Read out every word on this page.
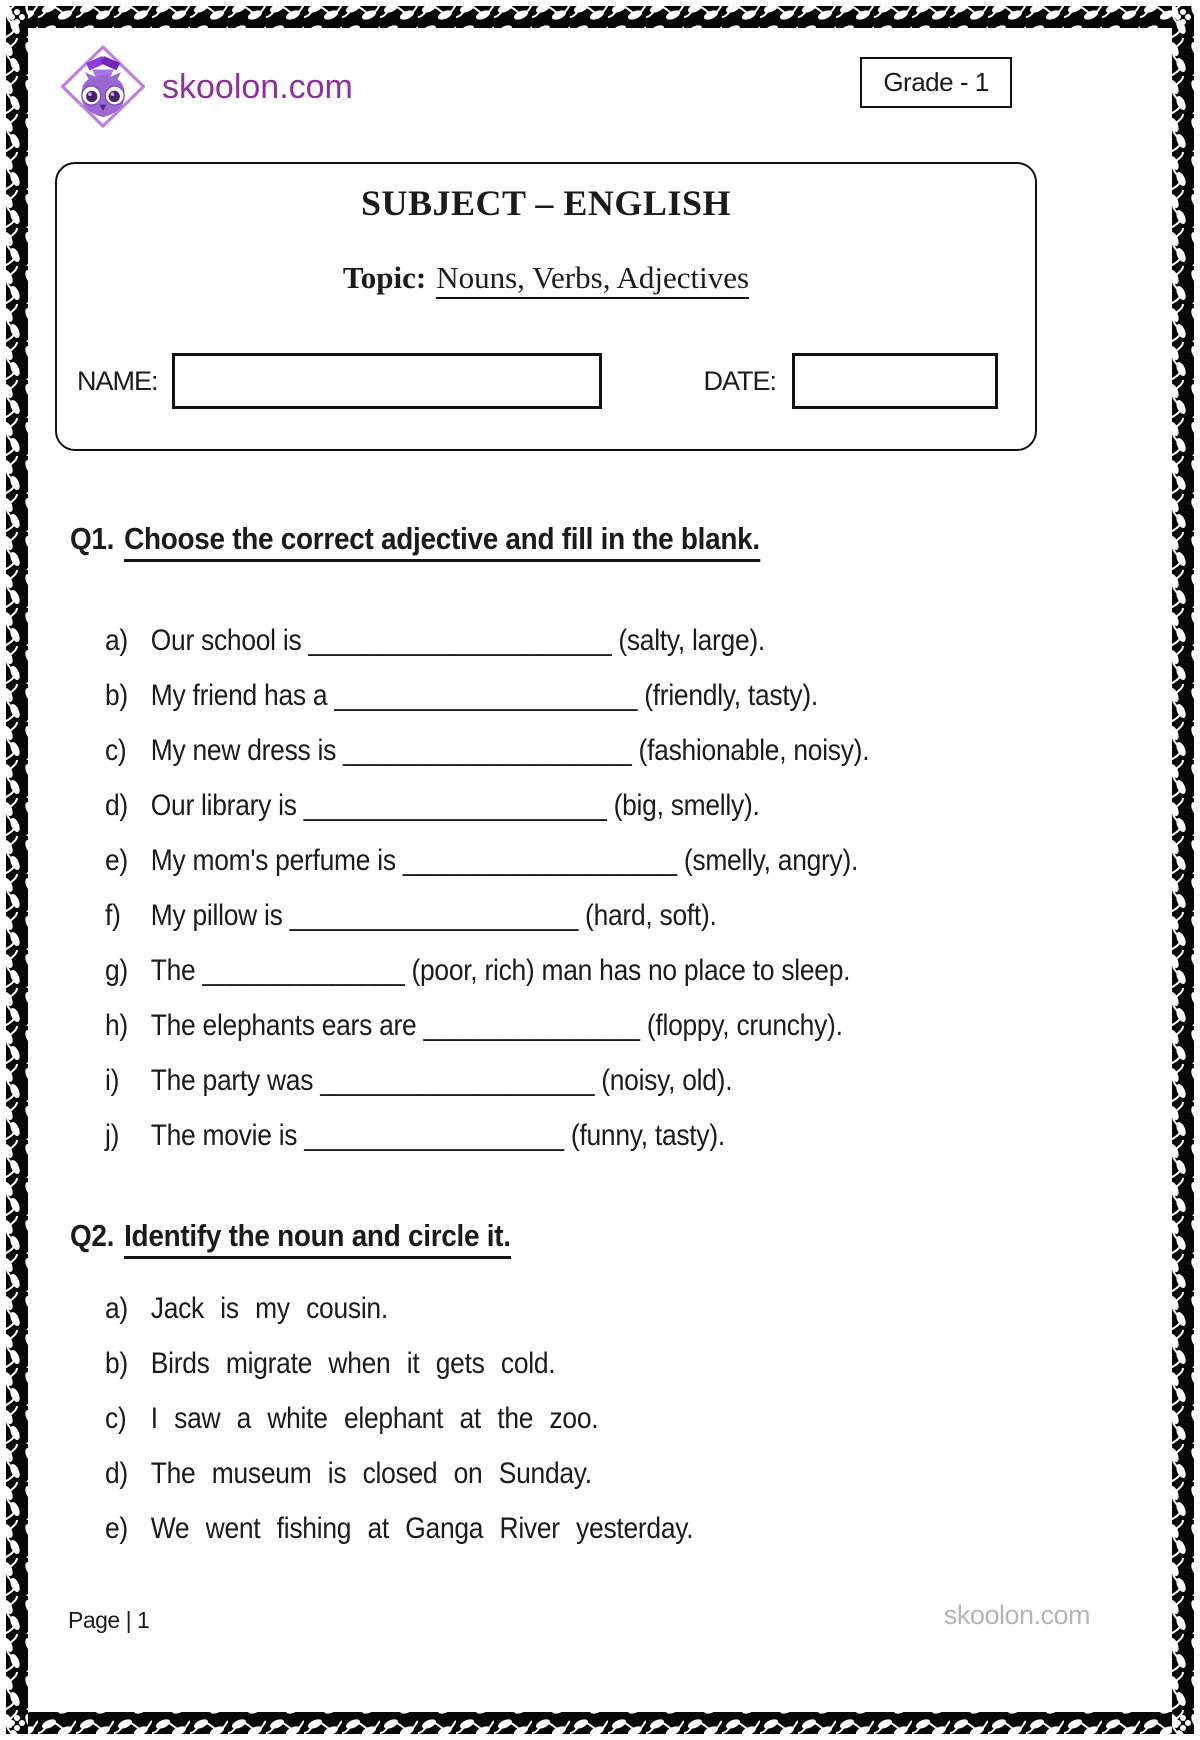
skoolon.com	Grade - 1
SUBJECT – ENGLISH
Topic: Nouns, Verbs, Adjectives
NAME:	DATE:
Q1. Choose the correct adjective and fill in the blank.
a) Our school is _____________________ (salty, large).
b) My friend has a _____________________ (friendly, tasty).
c) My new dress is ____________________ (fashionable, noisy).
d) Our library is _____________________ (big, smelly).
e) My mom's perfume is ___________________ (smelly, angry).
f)	My pillow is ____________________ (hard, soft).
g) The ______________ (poor, rich) man has no place to sleep.
h) The elephants ears are _______________ (floppy, crunchy).
i)	The party was ___________________ (noisy, old).
j)	The movie is __________________ (funny, tasty).
Q2. Identify the noun and circle it.
a) Jack is my cousin.
b) Birds migrate when it gets cold.
c) I saw a white elephant at the zoo.
d) The museum is closed on Sunday.
e) We went fishing at Ganga River yesterday.
Page | 1	skoolon.com
